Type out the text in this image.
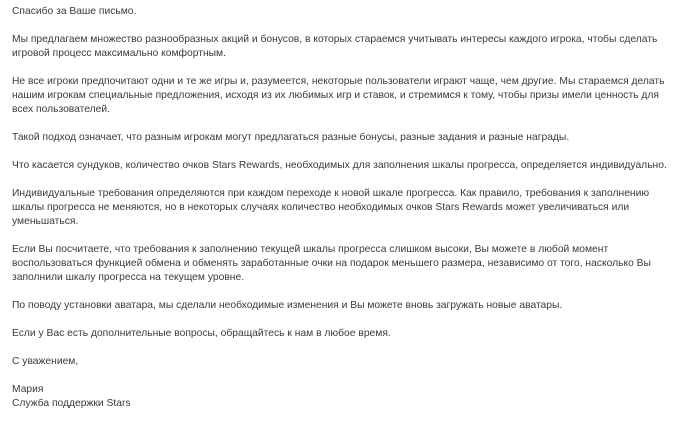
Спасибо за Ваше письмо.

Мы предлагаем множество разнообразных акций и бонусов, в которых стараемся учитывать интересы каждого игрока, чтобы сделать игровой процесс максимально комфортным.

Не все игроки предпочитают одни и те же игры и, разумеется, некоторые пользователи играют чаще, чем другие. Мы стараемся делать нашим игрокам специальные предложения, исходя из их любимых игр и ставок, и стремимся к тому, чтобы призы имели ценность для всех пользователей.

Такой подход означает, что разным игрокам могут предлагаться разные бонусы, разные задания и разные награды.

Что касается сундуков, количество очков Stars Rewards, необходимых для заполнения шкалы прогресса, определяется индивидуально.

Индивидуальные требования определяются при каждом переходе к новой шкале прогресса. Как правило, требования к заполнению шкалы прогресса не меняются, но в некоторых случаях количество необходимых очков Stars Rewards может увеличиваться или уменьшаться.

Если Вы посчитаете, что требования к заполнению текущей шкалы прогресса слишком высоки, Вы можете в любой момент воспользоваться функцией обмена и обменять заработанные очки на подарок меньшего размера, независимо от того, насколько Вы заполнили шкалу прогресса на текущем уровне.

По поводу установки аватара, мы сделали необходимые изменения и Вы можете вновь загружать новые аватары.

Если у Вас есть дополнительные вопросы, обращайтесь к нам в любое время.

С уважением,

Мария
Служба поддержки Stars
